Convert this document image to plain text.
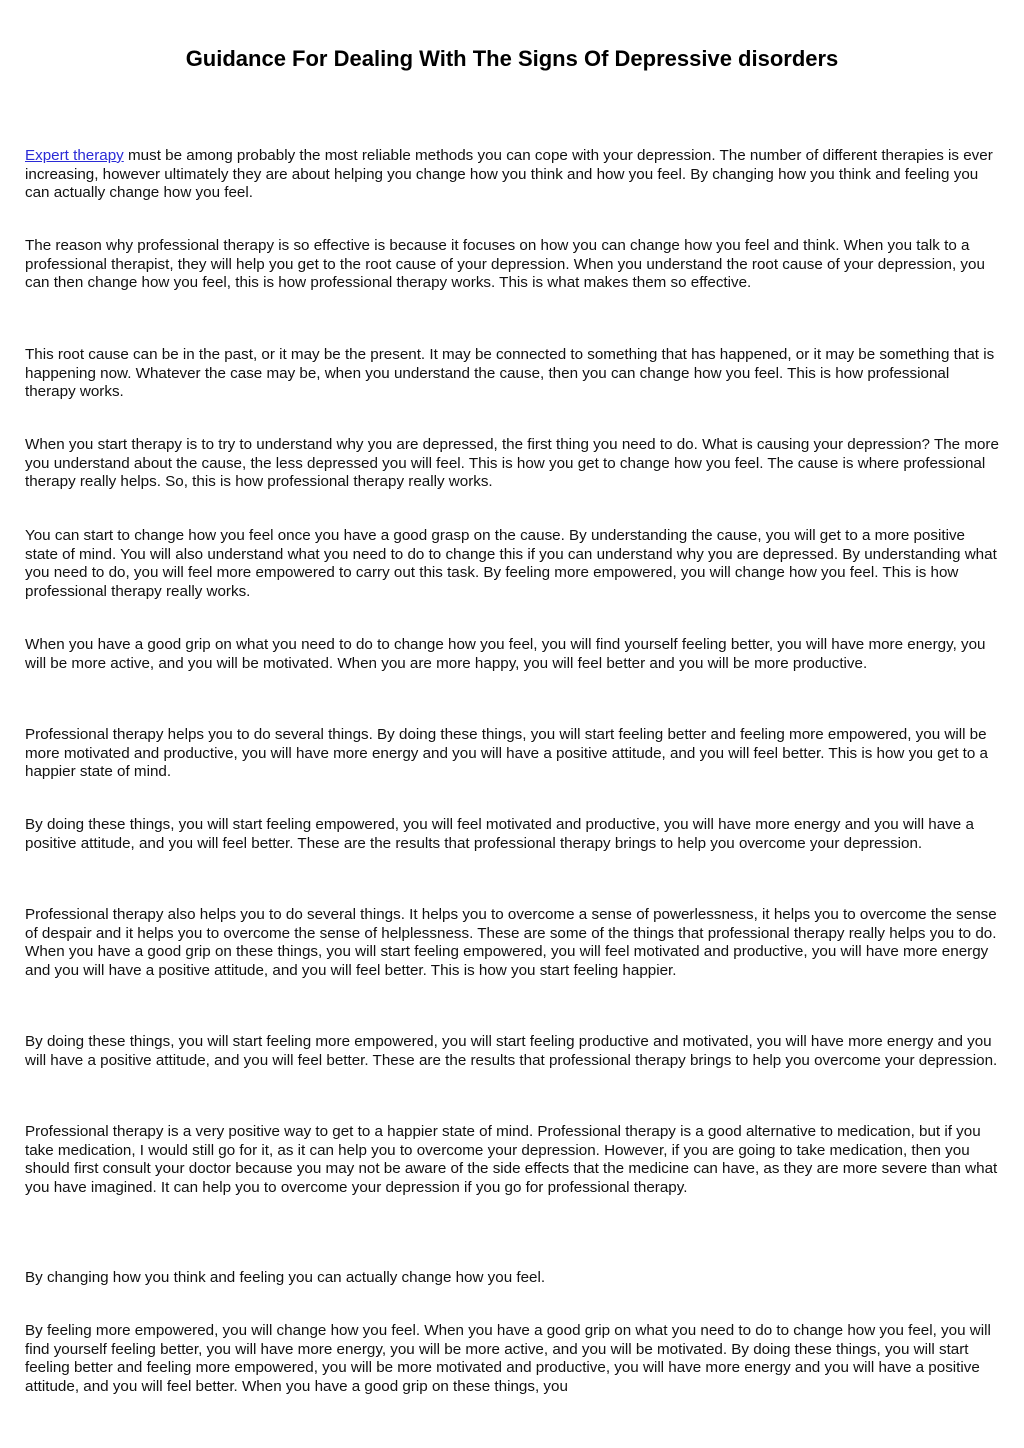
Guidance For Dealing With The Signs Of Depressive disorders

Expert therapy must be among probably the most reliable methods you can cope with your depression. The number of different therapies is ever increasing, however ultimately they are about helping you change how you think and how you feel. By changing how you think and feeling you can actually change how you feel.

The reason why professional therapy is so effective is because it focuses on how you can change how you feel and think. When you talk to a professional therapist, they will help you get to the root cause of your depression. When you understand the root cause of your depression, you can then change how you feel, this is how professional therapy works. This is what makes them so effective.

This root cause can be in the past, or it may be the present. It may be connected to something that has happened, or it may be something that is happening now. Whatever the case may be, when you understand the cause, then you can change how you feel. This is how professional therapy works.

When you start therapy is to try to understand why you are depressed, the first thing you need to do. What is causing your depression? The more you understand about the cause, the less depressed you will feel. This is how you get to change how you feel. The cause is where professional therapy really helps. So, this is how professional therapy really works.

You can start to change how you feel once you have a good grasp on the cause. By understanding the cause, you will get to a more positive state of mind. You will also understand what you need to do to change this if you can understand why you are depressed. By understanding what you need to do, you will feel more empowered to carry out this task. By feeling more empowered, you will change how you feel. This is how professional therapy really works.

When you have a good grip on what you need to do to change how you feel, you will find yourself feeling better, you will have more energy, you will be more active, and you will be motivated. When you are more happy, you will feel better and you will be more productive.

Professional therapy helps you to do several things. By doing these things, you will start feeling better and feeling more empowered, you will be more motivated and productive, you will have more energy and you will have a positive attitude, and you will feel better. This is how you get to a happier state of mind.

By doing these things, you will start feeling empowered, you will feel motivated and productive, you will have more energy and you will have a positive attitude, and you will feel better. These are the results that professional therapy brings to help you overcome your depression.

Professional therapy also helps you to do several things. It helps you to overcome a sense of powerlessness, it helps you to overcome the sense of despair and it helps you to overcome the sense of helplessness. These are some of the things that professional therapy really helps you to do. When you have a good grip on these things, you will start feeling empowered, you will feel motivated and productive, you will have more energy and you will have a positive attitude, and you will feel better. This is how you start feeling happier.

By doing these things, you will start feeling more empowered, you will start feeling productive and motivated, you will have more energy and you will have a positive attitude, and you will feel better. These are the results that professional therapy brings to help you overcome your depression.

Professional therapy is a very positive way to get to a happier state of mind. Professional therapy is a good alternative to medication, but if you take medication, I would still go for it, as it can help you to overcome your depression. However, if you are going to take medication, then you should first consult your doctor because you may not be aware of the side effects that the medicine can have, as they are more severe than what you have imagined. It can help you to overcome your depression if you go for professional therapy.

By changing how you think and feeling you can actually change how you feel.

By feeling more empowered, you will change how you feel. When you have a good grip on what you need to do to change how you feel, you will find yourself feeling better, you will have more energy, you will be more active, and you will be motivated. By doing these things, you will start feeling better and feeling more empowered, you will be more motivated and productive, you will have more energy and you will have a positive attitude, and you will feel better. When you have a good grip on these things, you
